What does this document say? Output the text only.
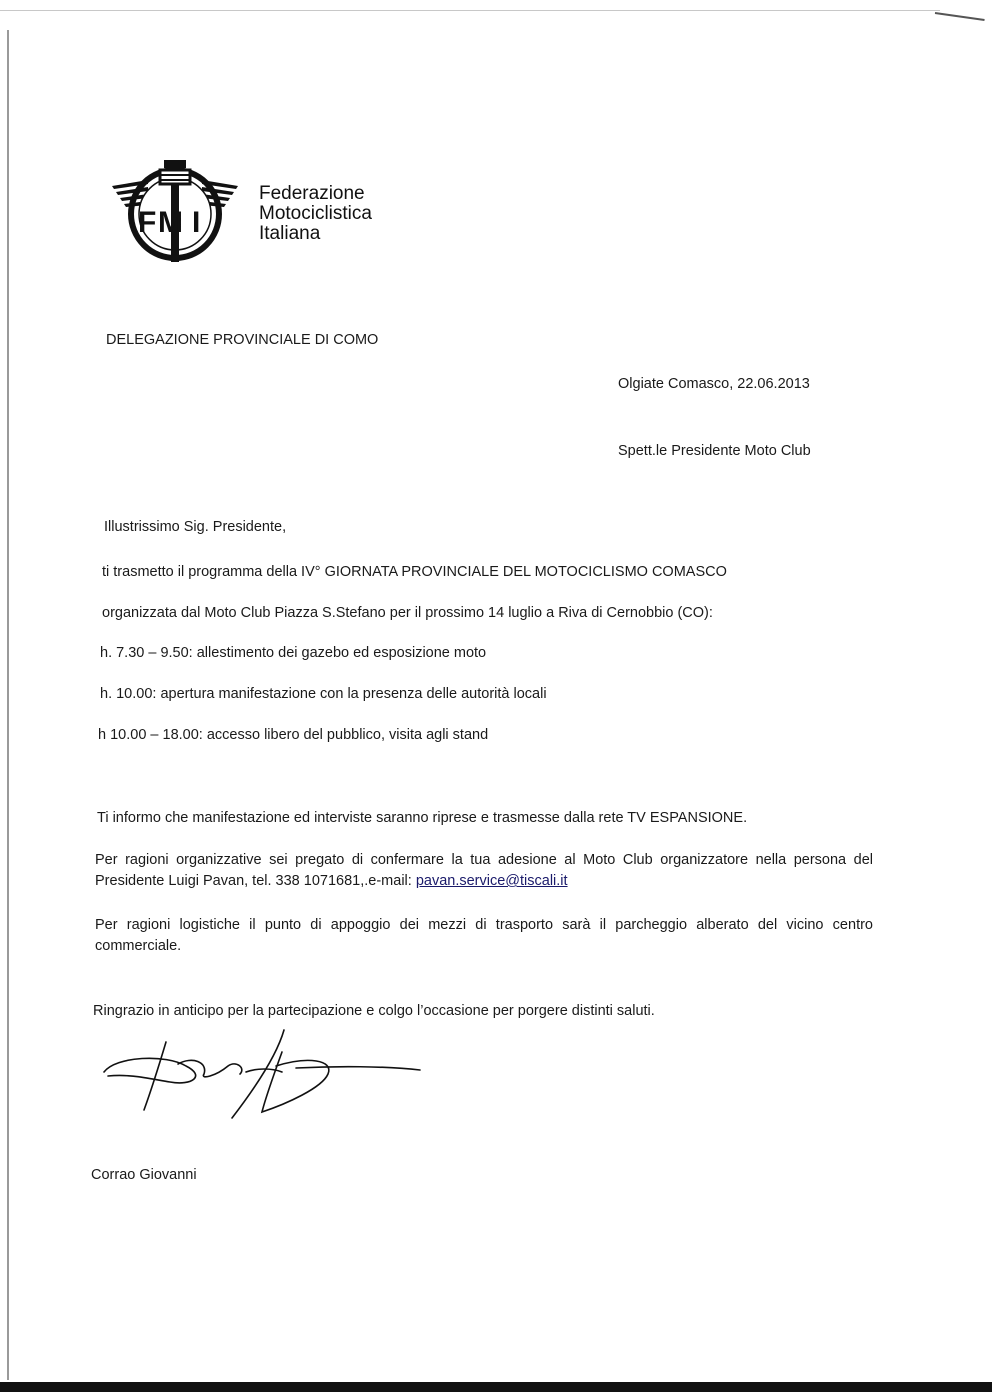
F M I
Federazione
Motociclistica
Italiana
DELEGAZIONE PROVINCIALE DI COMO
Olgiate Comasco, 22.06.2013
Spett.le Presidente Moto Club
Illustrissimo Sig. Presidente,
ti trasmetto il programma della IV° GIORNATA PROVINCIALE DEL MOTOCICLISMO COMASCO
organizzata dal Moto Club Piazza S.Stefano per il prossimo 14 luglio a Riva di Cernobbio (CO):
h. 7.30 – 9.50: allestimento dei gazebo ed esposizione moto
h. 10.00: apertura manifestazione con la presenza delle autorità locali
h 10.00 – 18.00: accesso libero del pubblico, visita agli stand
Ti informo che manifestazione ed interviste saranno riprese e trasmesse dalla rete TV ESPANSIONE.
Per ragioni organizzative sei pregato di confermare la tua adesione al Moto Club organizzatore nella persona del Presidente Luigi Pavan, tel. 338 1071681,.e-mail: pavan.service@tiscali.it
Per ragioni logistiche il punto di appoggio dei mezzi di trasporto sarà il parcheggio alberato del vicino centro commerciale.
Ringrazio in anticipo per la partecipazione e colgo l’occasione per porgere distinti saluti.
Corrao Giovanni
